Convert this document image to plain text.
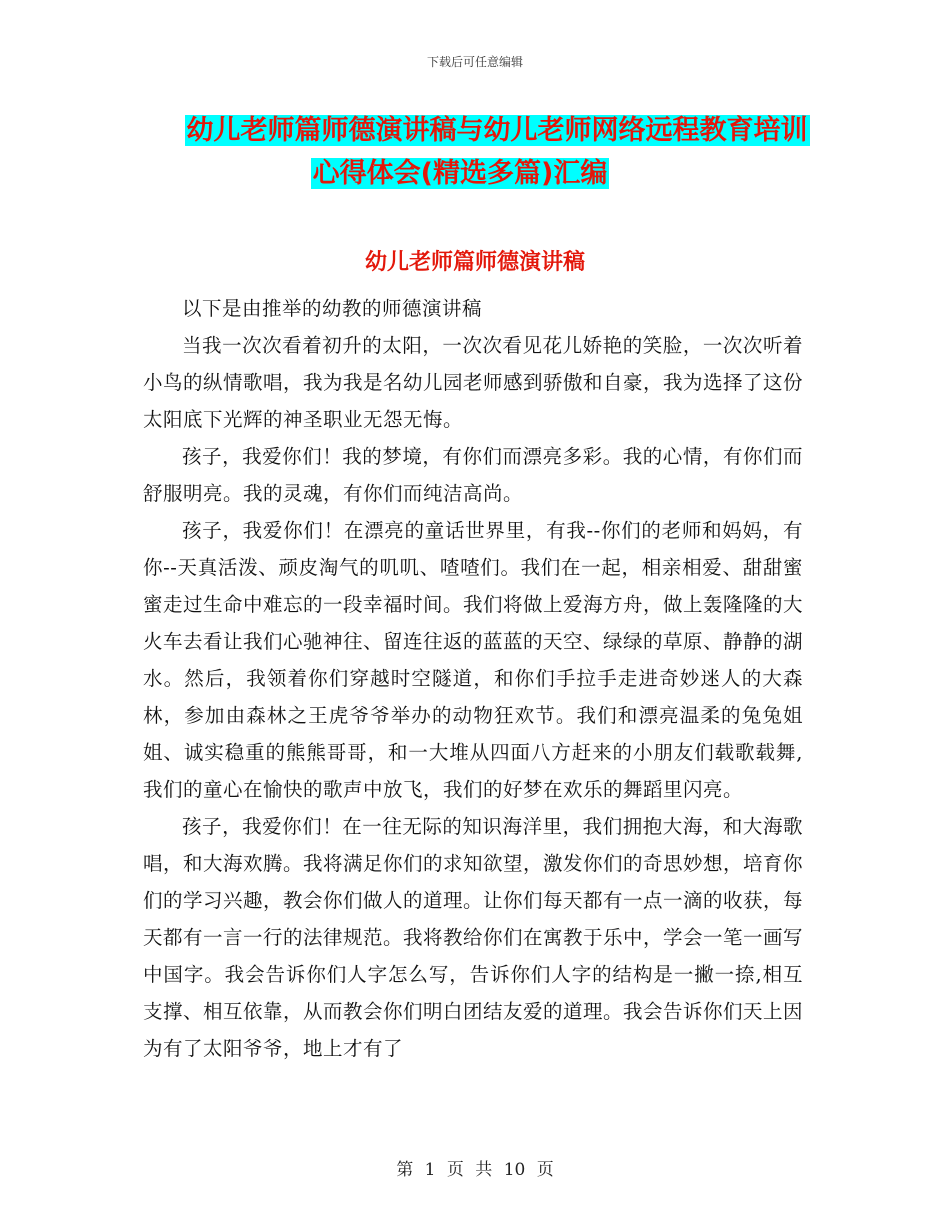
下载后可任意编辑
幼儿老师篇师德演讲稿与幼儿老师网络远程教育培训
心得体会(精选多篇)汇编
幼儿老师篇师德演讲稿

以下是由推举的幼教的师德演讲稿

当我一次次看着初升的太阳，一次次看见花儿娇艳的笑脸，一次次听着小鸟的纵情歌唱，我为我是名幼儿园老师感到骄傲和自豪，我为选择了这份太阳底下光辉的神圣职业无怨无悔。

孩子，我爱你们！我的梦境，有你们而漂亮多彩。我的心情，有你们而舒服明亮。我的灵魂，有你们而纯洁高尚。

孩子，我爱你们！在漂亮的童话世界里，有我--你们的老师和妈妈，有你--天真活泼、顽皮淘气的叽叽、喳喳们。我们在一起，相亲相爱、甜甜蜜蜜走过生命中难忘的一段幸福时间。我们将做上爱海方舟，做上轰隆隆的大火车去看让我们心驰神往、留连往返的蓝蓝的天空、绿绿的草原、静静的湖水。然后，我领着你们穿越时空隧道，和你们手拉手走进奇妙迷人的大森林，参加由森林之王虎爷爷举办的动物狂欢节。我们和漂亮温柔的兔兔姐姐、诚实稳重的熊熊哥哥，和一大堆从四面八方赶来的小朋友们载歌载舞,我们的童心在愉快的歌声中放飞，我们的好梦在欢乐的舞蹈里闪亮。

孩子，我爱你们！在一往无际的知识海洋里，我们拥抱大海，和大海歌唱，和大海欢腾。我将满足你们的求知欲望，激发你们的奇思妙想，培育你们的学习兴趣，教会你们做人的道理。让你们每天都有一点一滴的收获，每天都有一言一行的法律规范。我将教给你们在寓教于乐中，学会一笔一画写中国字。我会告诉你们人字怎么写，告诉你们人字的结构是一撇一捺,相互支撑、相互依靠，从而教会你们明白团结友爱的道理。我会告诉你们天上因为有了太阳爷爷，地上才有了

第 1 页 共 10 页
